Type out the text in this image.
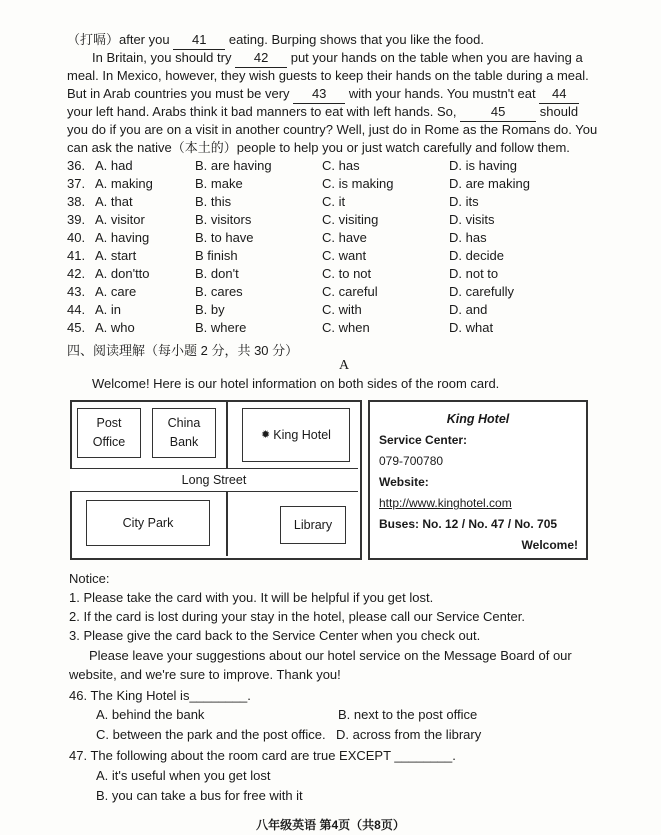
（打嗝）after you 41 eating. Burping shows that you like the food.
In Britain, you should try 42 put your hands on the table when you are having a
meal. In Mexico, however, they wish guests to keep their hands on the table during a meal.
But in Arab countries you must be very 43 with your hands. You mustn't eat 44
your left hand. Arabs think it bad manners to eat with left hands. So,	45	should
you do if you are on a visit in another country? Well, just do in Rome as the Romans do. You
can ask the native（本土的）people to help you or just watch carefully and follow them.
36. A. had	B. are having	C. has	D. is having
37. A. making	B. make	C. is making	D. are making
38. A. that	B. this	C. it	D. its
39. A. visitor	B. visitors	C. visiting	D. visits
40. A. having	B. to have	C. have	D. has
41. A. start	B finish	C. want	D. decide
42. A. don'tto	B. don't	C. to not	D. not to
43. A. care	B. cares	C. careful	D. carefully
44. A. in	B. by	C. with	D. and
45. A. who	B. where	C. when	D. what
四、阅读理解（每小题 2 分，共 30 分）
A
Welcome! Here is our hotel information on both sides of the room card.
Post
Office
China
Bank
✹ King Hotel
Long Street
City Park	Library
King Hotel
Service Center:
079-700780
Website:
http://www.kinghotel.com
Buses: No. 12 / No. 47 / No. 705
Welcome!
Notice:
1. Please take the card with you. It will be helpful if you get lost.
2. If the card is lost during your stay in the hotel, please call our Service Center.
3. Please give the card back to the Service Center when you check out.
Please leave your suggestions about our hotel service on the Message Board of our
website, and we're sure to improve. Thank you!
46. The King Hotel is________.
A. behind the bank	B. next to the post office
C. between the park and the post office. D. across from the library
47. The following about the room card are true EXCEPT ________.
A. it's useful when you get lost
B. you can take a bus for free with it
八年级英语 第4页（共8页）
